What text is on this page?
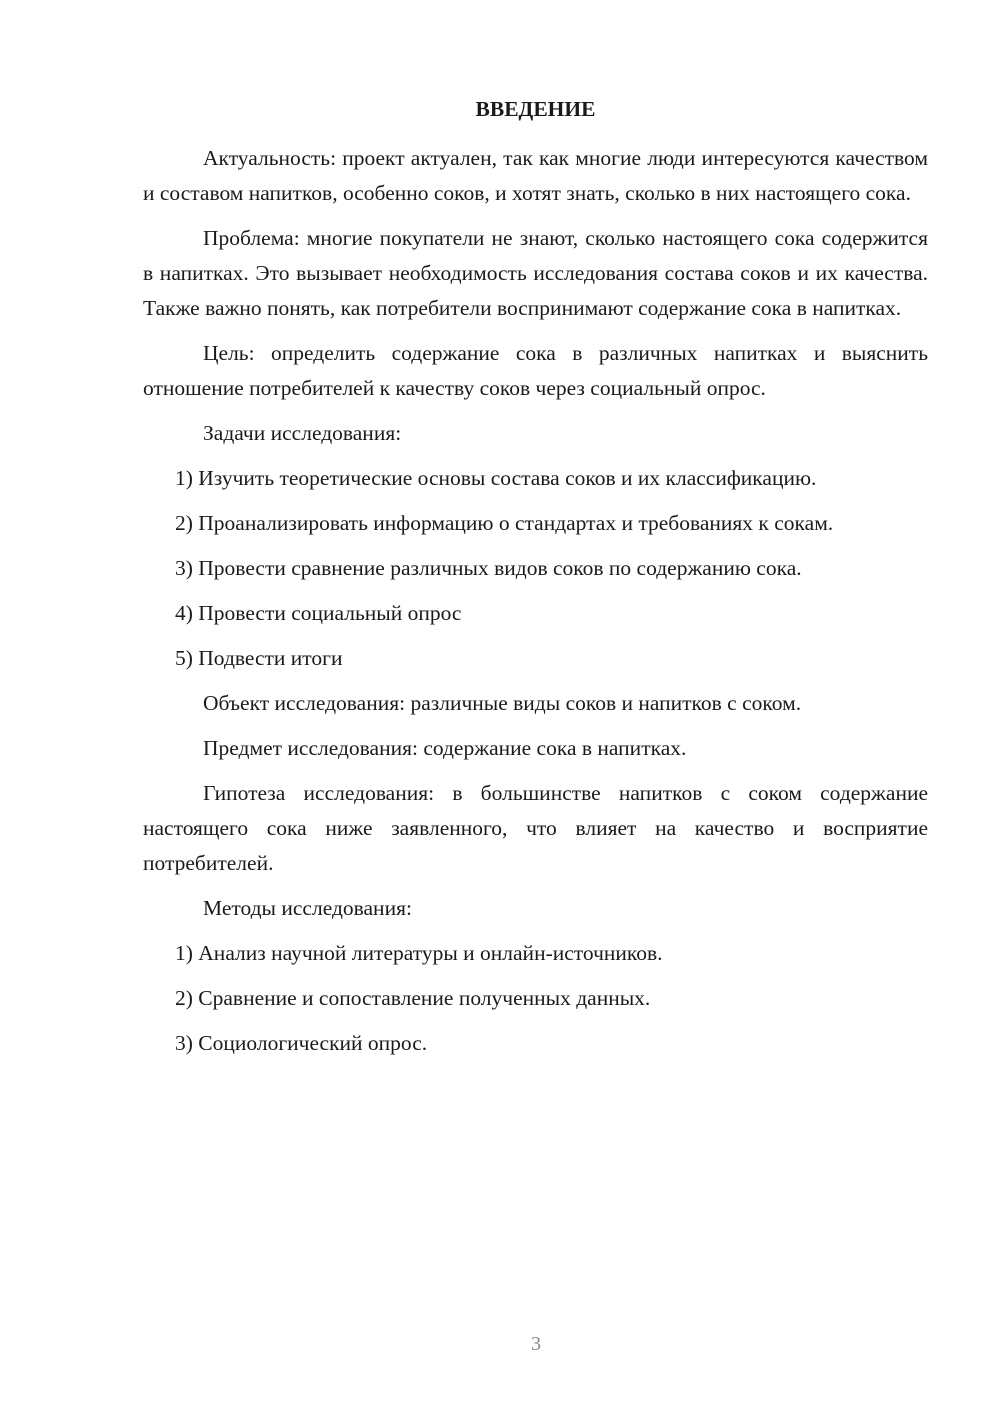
ВВЕДЕНИЕ
Актуальность: проект актуален, так как многие люди интересуются качеством и составом напитков, особенно соков, и хотят знать, сколько в них настоящего сока.
Проблема: многие покупатели не знают, сколько настоящего сока содержится в напитках. Это вызывает необходимость исследования состава соков и их качества. Также важно понять, как потребители воспринимают содержание сока в напитках.
Цель: определить содержание сока в различных напитках и выяснить отношение потребителей к качеству соков через социальный опрос.
Задачи исследования:
1) Изучить теоретические основы состава соков и их классификацию.
2) Проанализировать информацию о стандартах и требованиях к сокам.
3) Провести сравнение различных видов соков по содержанию сока.
4) Провести социальный опрос
5) Подвести итоги
Объект исследования: различные виды соков и напитков с соком.
Предмет исследования: содержание сока в напитках.
Гипотеза исследования: в большинстве напитков с соком содержание настоящего сока ниже заявленного, что влияет на качество и восприятие потребителей.
Методы исследования:
1) Анализ научной литературы и онлайн-источников.
2) Сравнение и сопоставление полученных данных.
3) Социологический опрос.
3
